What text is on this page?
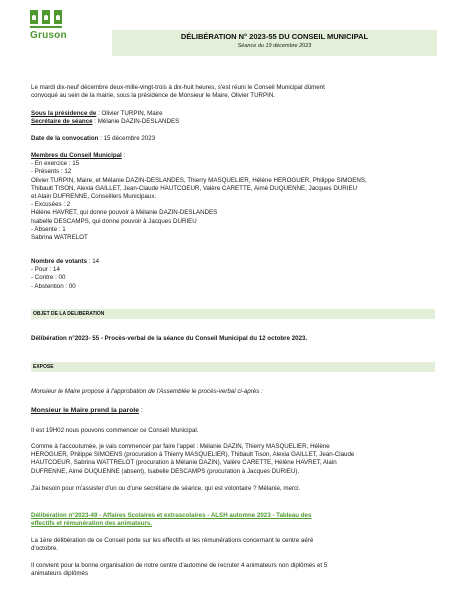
Gruson	DÉLIBÉRATION N° 2023-55 DU CONSEIL MUNICIPAL
Séance du 19 décembre 2023
Le mardi dix-neuf décembre deux-mille-vingt-trois à dix-huit heures, s'est réuni le Conseil Municipal dûment
convoqué au sein de la mairie, sous la présidence de Monsieur le Maire, Olivier TURPIN.
Sous la présidence de : Olivier TURPIN, Maire
Secrétaire de séance : Mélanie DAZIN-DESLANDES
Date de la convocation : 15 décembre 2023
Membres du Conseil Municipal :
- En exercice : 15
- Présents : 12
Olivier TURPIN, Maire, et Mélanie DAZIN-DESLANDES, Thierry MASQUELIER, Hélène HEROGUER, Philippe SIMOENS,
Thibault TISON, Alexia GAILLET, Jean-Claude HAUTCOEUR, Valère CARETTE, Aimé DUQUENNE, Jacques DURIEU
et Alain DUFRENNE, Conseillers Municipaux.
- Excusées : 2
Hélène HAVRET, qui donne pouvoir à Mélanie DAZIN-DESLANDES
Isabelle DESCAMPS, qui donne pouvoir à Jacques DURIEU
- Absente : 1
Sabrina WATRELOT
Nombre de votants : 14
- Pour : 14
- Contre : 00
- Abstention : 00
OBJET DE LA DELIBERATION
Délibération n°2023- 55 - Procès-verbal de la séance du Conseil Municipal du 12 octobre 2023.
EXPOSE
Monsieur le Maire propose à l'approbation de l'Assemblée le procès-verbal ci-après :
Monsieur le Maire prend la parole :
Il est 19H02 nous pouvons commencer ce Conseil Municipal.
Comme à l'accoutumée, je vais commencer par faire l'appel : Mélanie DAZIN, Thierry MASQUELIER, Hélène
HEROGUER, Philippe SIMOENS (procuration à Thierry MASQUELIER), Thibault Tison, Alexia GAILLET, Jean-Claude
HAUTCOEUR, Sabrina WATTRELOT (procuration à Mélanie DAZIN), Valère CARETTE, Hélène HAVRET, Alain
DUFRENNE, Aimé DUQUENNE (absent), Isabelle DESCAMPS (procuration à Jacques DURIEU).
J'ai besoin pour m'assister d'un ou d'une secrétaire de séance, qui est volontaire ? Mélanie, merci.
Délibération n°2023-49 - Affaires Scolaires et extrascolaires - ALSH automne 2023 - Tableau des
effectifs et rémunération des animateurs.
La 1ère délibération de ce Conseil porte sur les effectifs et les rémunérations concernant le centre aéré
d'octobre.
Il convient pour la bonne organisation de notre centre d'automne de recruter 4 animateurs non diplômés et 5
animateurs diplômés
